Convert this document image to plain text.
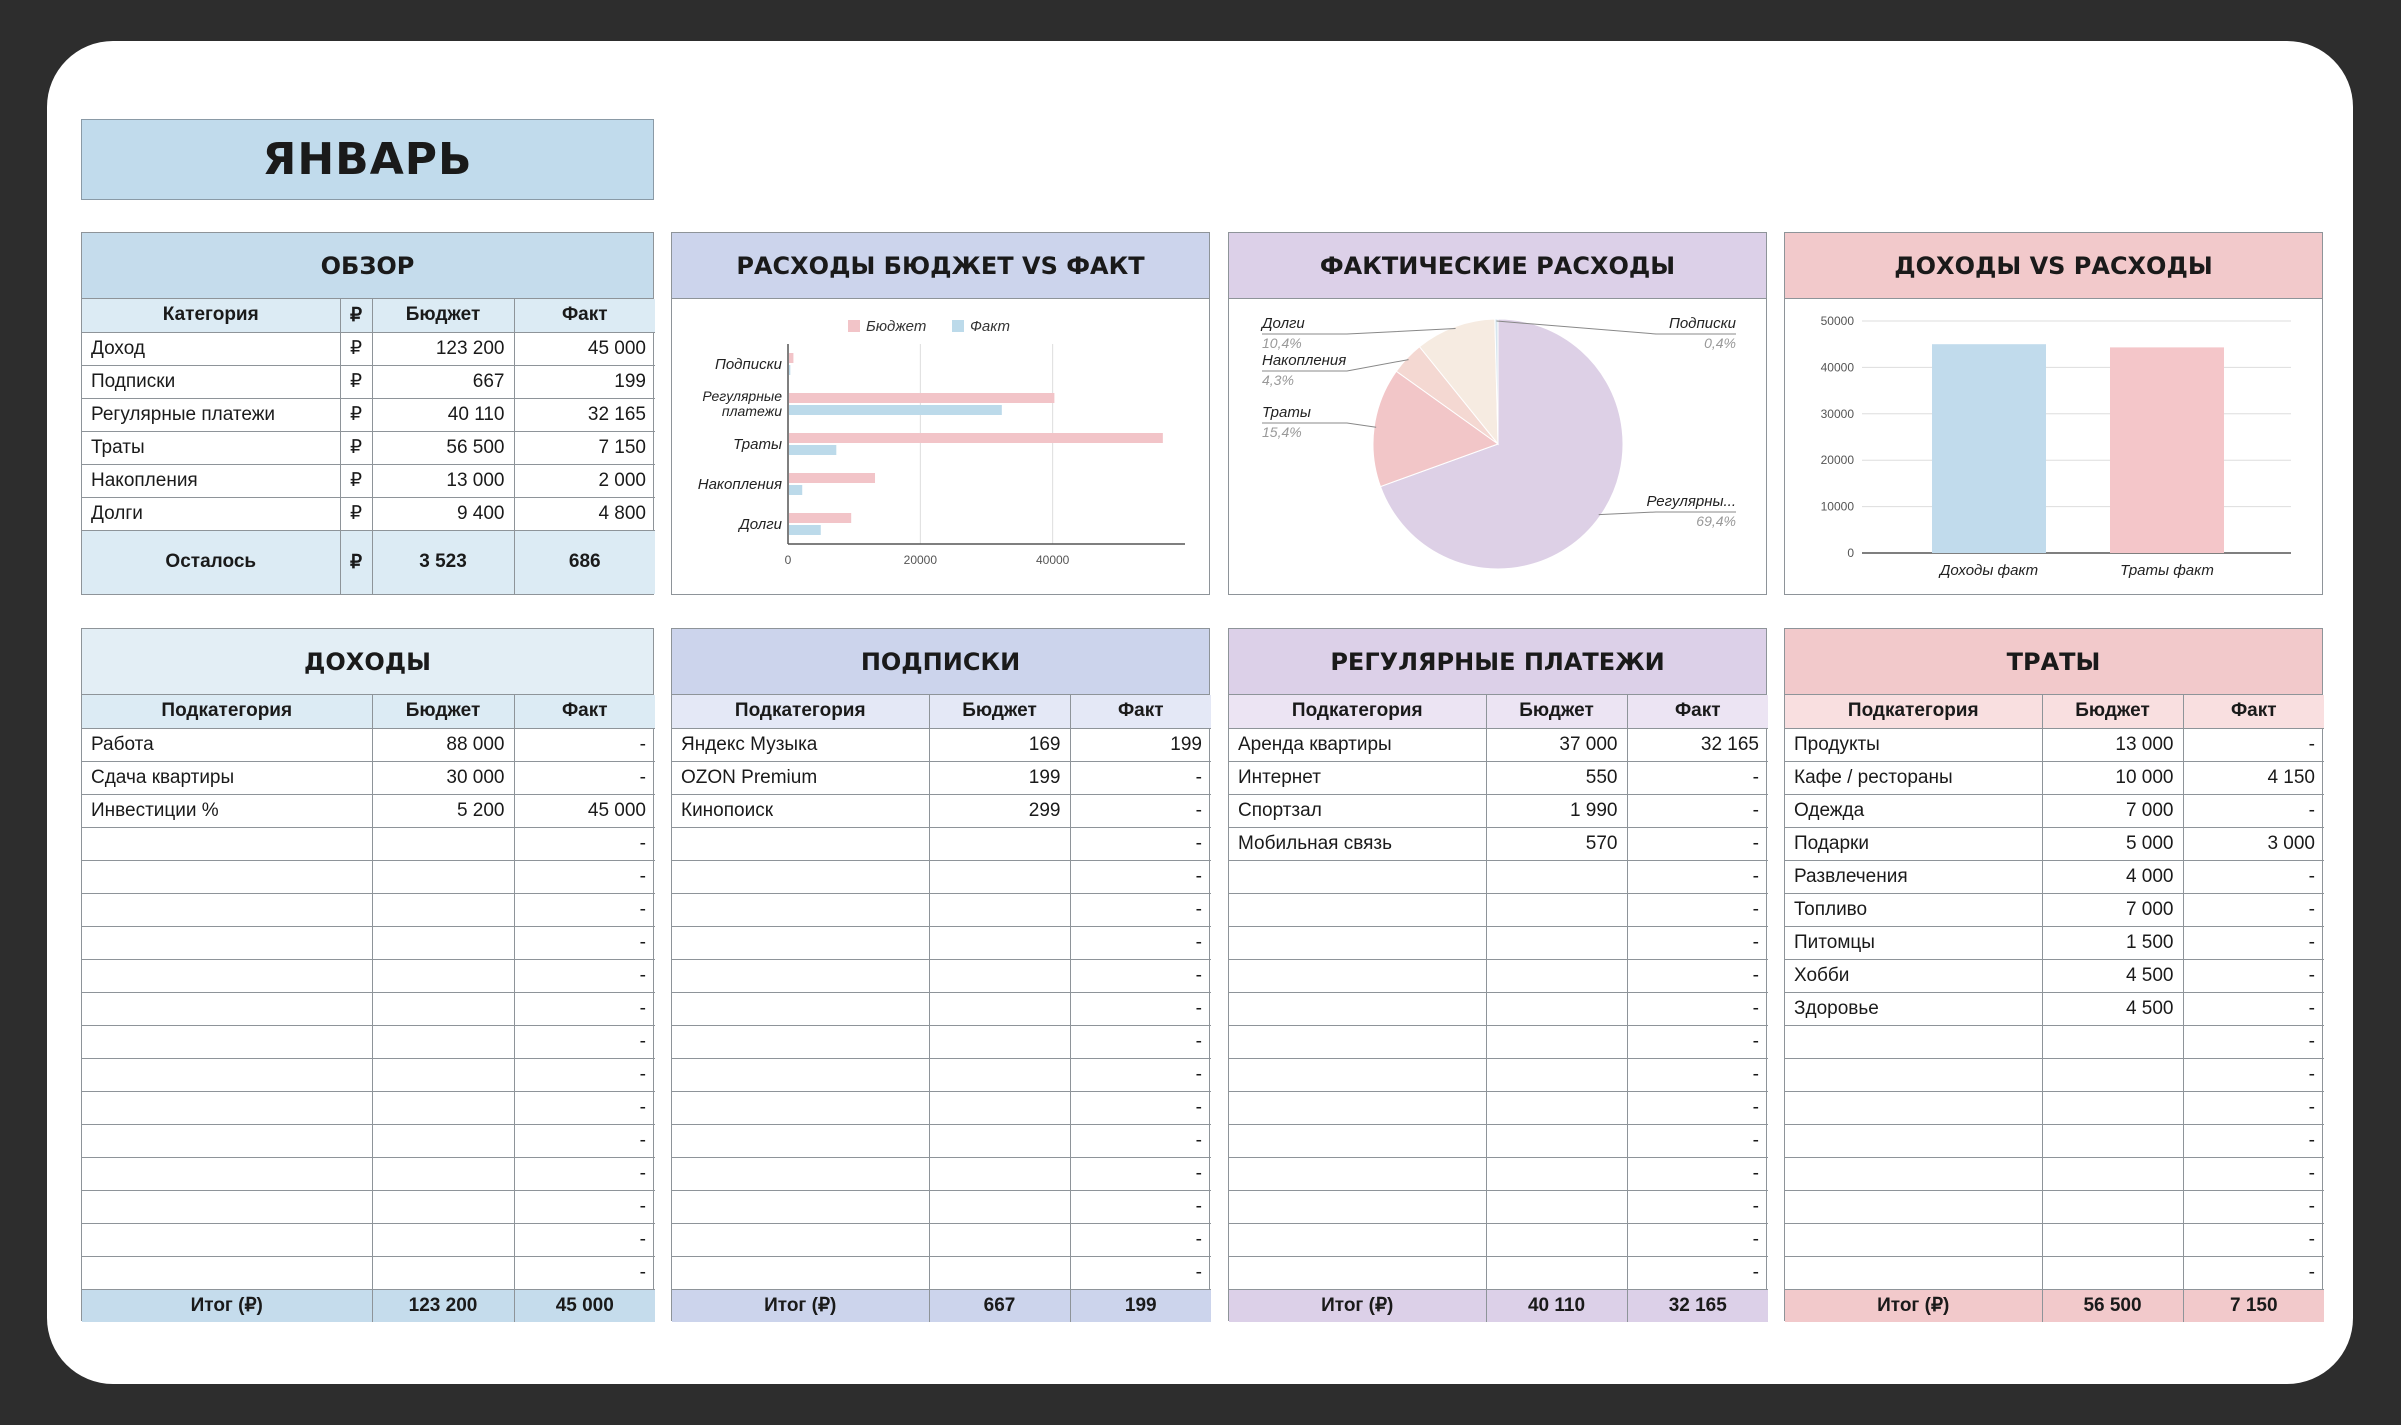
ЯНВАРЬ
ОБЗОР
Категория	₽	Бюджет	Факт
Доход	₽	123 200	45 000
Подписки	₽	667	199
Регулярные платежи	₽	40 110	32 165
Траты	₽	56 500	7 150
Накопления	₽	13 000	2 000
Долги	₽	9 400	4 800
Осталось	₽	3 523	686
РАСХОДЫ БЮДЖЕТ VS ФАКТ
0	20000	40000
Бюджет	Факт
Подписки
Регулярные
платежи
Траты
Накопления
Долги
ФАКТИЧЕСКИЕ РАСХОДЫ
Регулярны...
69,4%
Траты
15,4%
Накопления
4,3%
Долги
10,4%
Подписки
0,4%
ДОХОДЫ VS РАСХОДЫ
0
10000
20000
30000
40000
50000
Доходы факт	Траты факт
ДОХОДЫ
Подкатегория	Бюджет	Факт
Работа	88 000	-
Сдача квартиры	30 000	-
Инвестиции %	5 200	45 000
		-
		-
		-
		-
		-
		-
		-
		-
		-
		-
		-
		-
		-
		-
Итог (₽)	123 200	45 000
ПОДПИСКИ
Подкатегория	Бюджет	Факт
Яндекс Музыка	169	199
OZON Premium	199	-
Кинопоиск	299	-
		-
		-
		-
		-
		-
		-
		-
		-
		-
		-
		-
		-
		-
		-
Итог (₽)	667	199
РЕГУЛЯРНЫЕ ПЛАТЕЖИ
Подкатегория	Бюджет	Факт
Аренда квартиры	37 000	32 165
Интернет	550	-
Спортзал	1 990	-
Мобильная связь	570	-
		-
		-
		-
		-
		-
		-
		-
		-
		-
		-
		-
		-
		-
Итог (₽)	40 110	32 165
ТРАТЫ
Подкатегория	Бюджет	Факт
Продукты	13 000	-
Кафе / рестораны	10 000	4 150
Одежда	7 000	-
Подарки	5 000	3 000
Развлечения	4 000	-
Топливо	7 000	-
Питомцы	1 500	-
Хобби	4 500	-
Здоровье	4 500	-
		-
		-
		-
		-
		-
		-
		-
		-
Итог (₽)	56 500	7 150
